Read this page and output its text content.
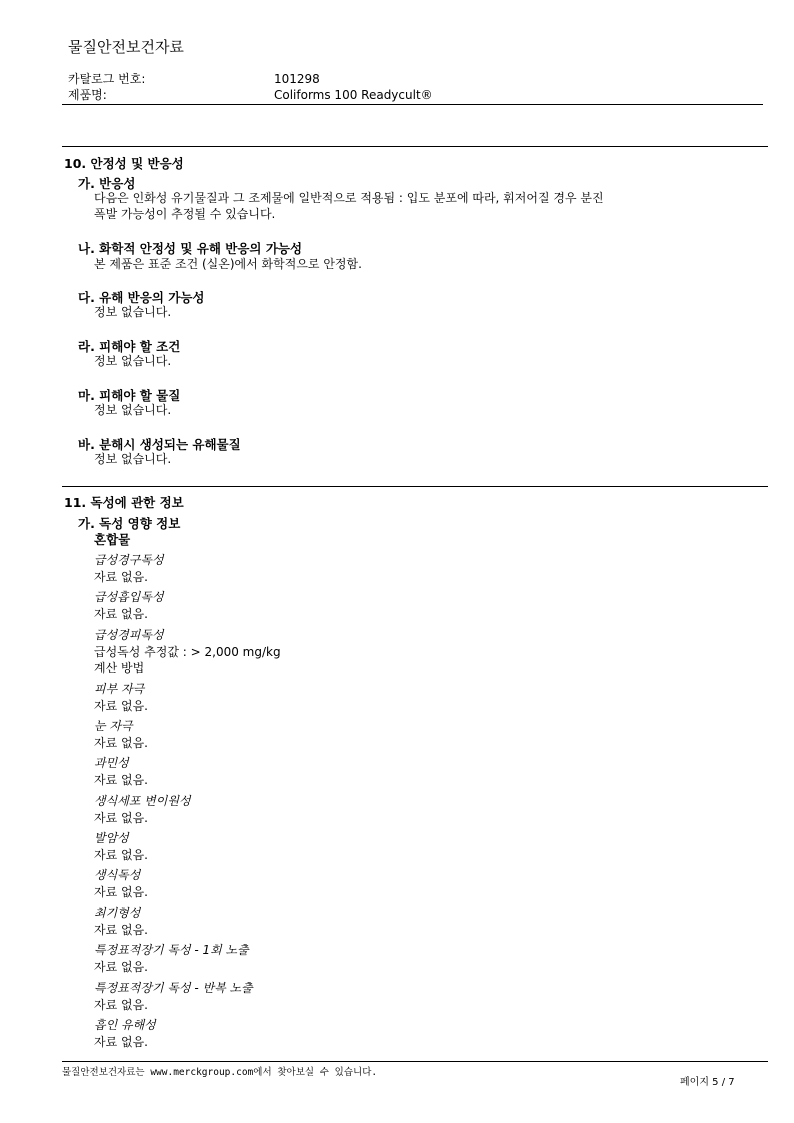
물질안전보건자료
카탈로그 번호:	101298
제품명:	Coliforms 100 Readycult®
10. 안정성 및 반응성
가. 반응성
다음은 인화성 유기물질과 그 조제물에 일반적으로 적용됨 : 입도 분포에 따라, 휘저어질 경우 분진
폭발 가능성이 추정될 수 있습니다.
나. 화학적 안정성 및 유해 반응의 가능성
본 제품은 표준 조건 (실온)에서 화학적으로 안정함.
다. 유해 반응의 가능성
정보 없습니다.
라. 피해야 할 조건
정보 없습니다.
마. 피해야 할 물질
정보 없습니다.
바. 분해시 생성되는 유해물질
정보 없습니다.
11. 독성에 관한 정보
가. 독성 영향 정보
혼합물
급성경구독성
자료 없음.
급성흡입독성
자료 없음.
급성경피독성
급성독성 추정값 : > 2,000 mg/kg
계산 방법
피부 자극
자료 없음.
눈 자극
자료 없음.
과민성
자료 없음.
생식세포 변이원성
자료 없음.
발암성
자료 없음.
생식독성
자료 없음.
최기형성
자료 없음.
특정표적장기 독성 - 1회 노출
자료 없음.
특정표적장기 독성 - 반복 노출
자료 없음.
흡인 유해성
자료 없음.
물질안전보건자료는 www.merckgroup.com에서 찾아보실 수 있습니다.
페이지 5 / 7
